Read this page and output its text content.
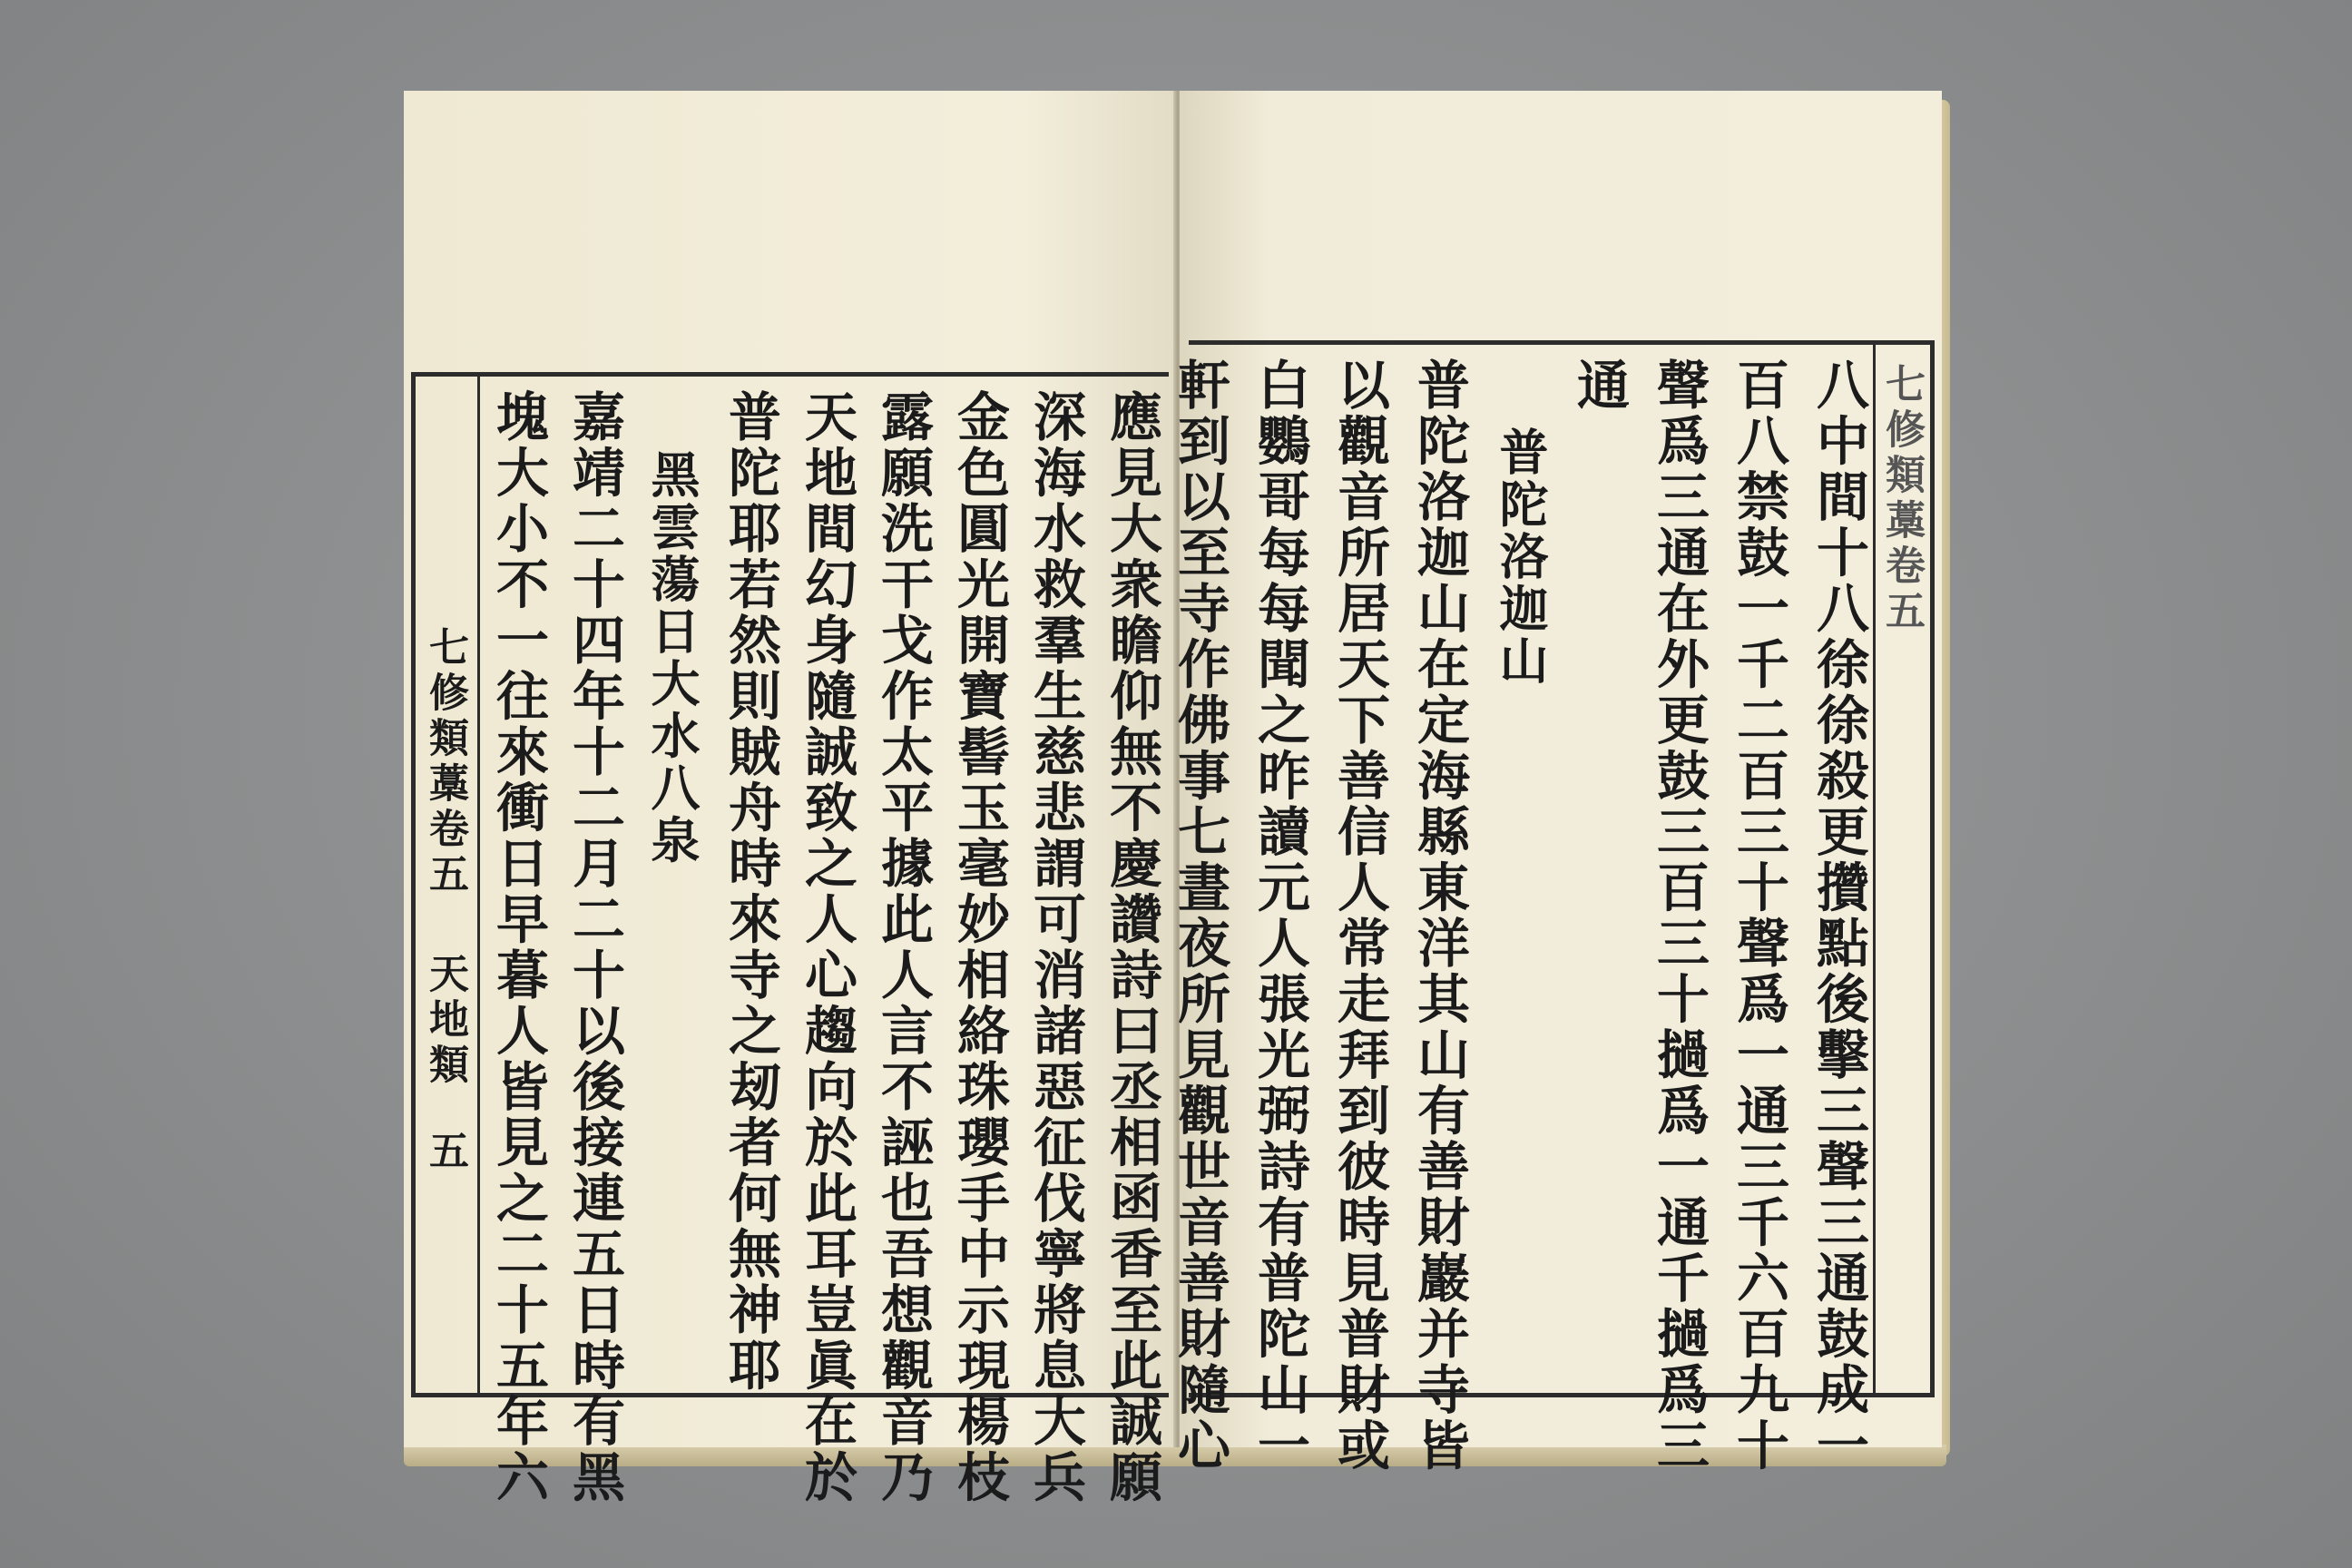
七修類藁卷五
天地類
五	應見大衆瞻仰無不慶讚詩曰丞相函香至此誠願
深海水救羣生慈悲謂可消諸惡征伐寧將息大兵
金色圓光開寶髻玉毫妙相絡珠瓔手中示現楊枝
露願洗干戈作太平據此人言不誣也吾想觀音乃
天地間幻身隨誠致之人心趨向於此耳豈眞在於
普陀耶若然則賊舟時來寺之刼者何無神耶
黑雲蕩日大水八泉
嘉靖二十四年十二月二十以後接連五日時有黑
塊大小不一往來衝日早暮人皆見之二十五年六	七修類藁卷五
八中間十八徐徐殺更攢點後擊三聲三通鼓成一
百八禁鼓一千二百三十聲爲一通三千六百九十
聲爲三通在外更鼓三百三十撾爲一通千撾爲三
通
普陀洛迦山
普陀洛迦山在定海縣東洋其山有善財巖并寺皆
以觀音所居天下善信人常走拜到彼時見普財或
白鸚哥每每聞之昨讀元人張光弼詩有普陀山一
軒到以至寺作佛事七晝夜所見觀世音善財隨心
